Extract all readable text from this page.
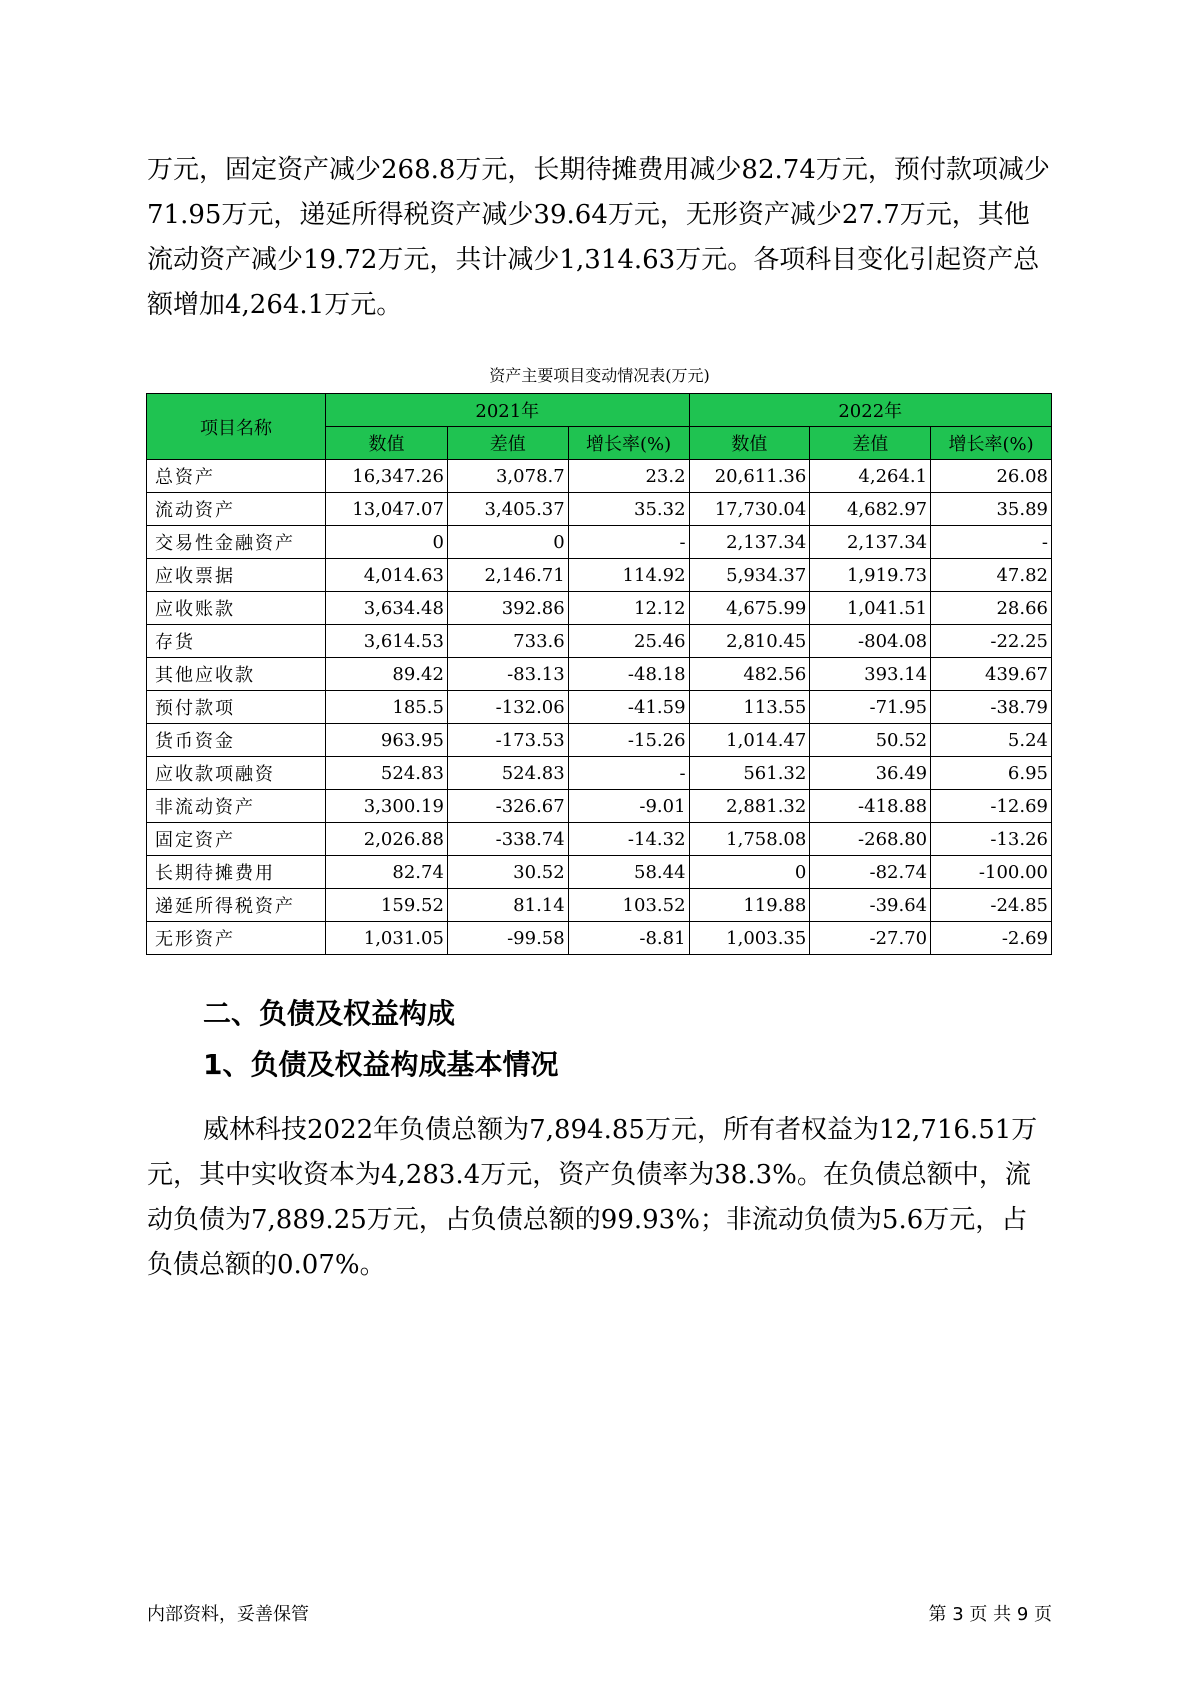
万元，固定资产减少268.8万元，长期待摊费用减少82.74万元，预付款项减少71.95万元，递延所得税资产减少39.64万元，无形资产减少27.7万元，其他流动资产减少19.72万元，共计减少1,314.63万元。各项科目变化引起资产总额增加4,264.1万元。

资产主要项目变动情况表(万元)
项目名称	2021年			2022年		
	数值	差值	增长率(%)	数值	差值	增长率(%)
总资产	16,347.26	3,078.7	23.2	20,611.36	4,264.1	26.08
流动资产	13,047.07	3,405.37	35.32	17,730.04	4,682.97	35.89
交易性金融资产	0	0	-	2,137.34	2,137.34	-
应收票据	4,014.63	2,146.71	114.92	5,934.37	1,919.73	47.82
应收账款	3,634.48	392.86	12.12	4,675.99	1,041.51	28.66
存货	3,614.53	733.6	25.46	2,810.45	-804.08	-22.25
其他应收款	89.42	-83.13	-48.18	482.56	393.14	439.67
预付款项	185.5	-132.06	-41.59	113.55	-71.95	-38.79
货币资金	963.95	-173.53	-15.26	1,014.47	50.52	5.24
应收款项融资	524.83	524.83	-	561.32	36.49	6.95
非流动资产	3,300.19	-326.67	-9.01	2,881.32	-418.88	-12.69
固定资产	2,026.88	-338.74	-14.32	1,758.08	-268.80	-13.26
长期待摊费用	82.74	30.52	58.44	0	-82.74	-100.00
递延所得税资产	159.52	81.14	103.52	119.88	-39.64	-24.85
无形资产	1,031.05	-99.58	-8.81	1,003.35	-27.70	-2.69
二、负债及权益构成
1、负债及权益构成基本情况

威林科技2022年负债总额为7,894.85万元，所有者权益为12,716.51万元，其中实收资本为4,283.4万元，资产负债率为38.3%。在负债总额中，流动负债为7,889.25万元，占负债总额的99.93%；非流动负债为5.6万元，占负债总额的0.07%。

内部资料，妥善保管	第 3 页 共 9 页
